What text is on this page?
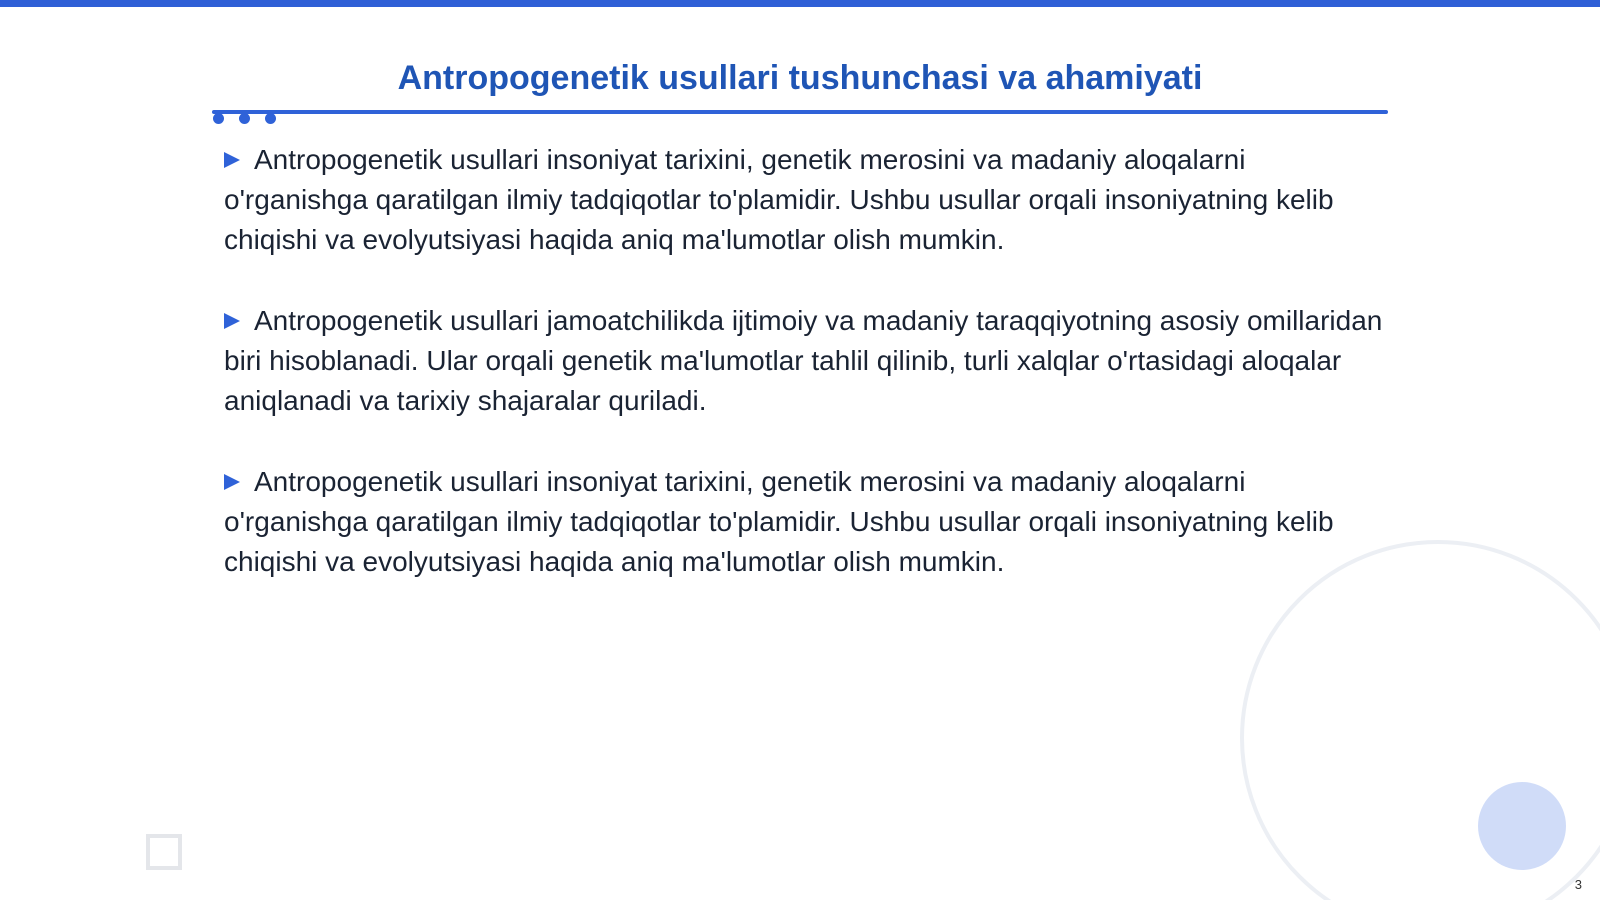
Antropogenetik usullari tushunchasi va ahamiyati

Antropogenetik usullari insoniyat tarixini, genetik merosini va madaniy aloqalarni o'rganishga qaratilgan ilmiy tadqiqotlar to'plamidir. Ushbu usullar orqali insoniyatning kelib chiqishi va evolyutsiyasi haqida aniq ma'lumotlar olish mumkin.

Antropogenetik usullari jamoatchilikda ijtimoiy va madaniy taraqqiyotning asosiy omillaridan biri hisoblanadi. Ular orqali genetik ma'lumotlar tahlil qilinib, turli xalqlar o'rtasidagi aloqalar aniqlanadi va tarixiy shajaralar quriladi.

Antropogenetik usullari insoniyat tarixini, genetik merosini va madaniy aloqalarni o'rganishga qaratilgan ilmiy tadqiqotlar to'plamidir. Ushbu usullar orqali insoniyatning kelib chiqishi va evolyutsiyasi haqida aniq ma'lumotlar olish mumkin.

3
